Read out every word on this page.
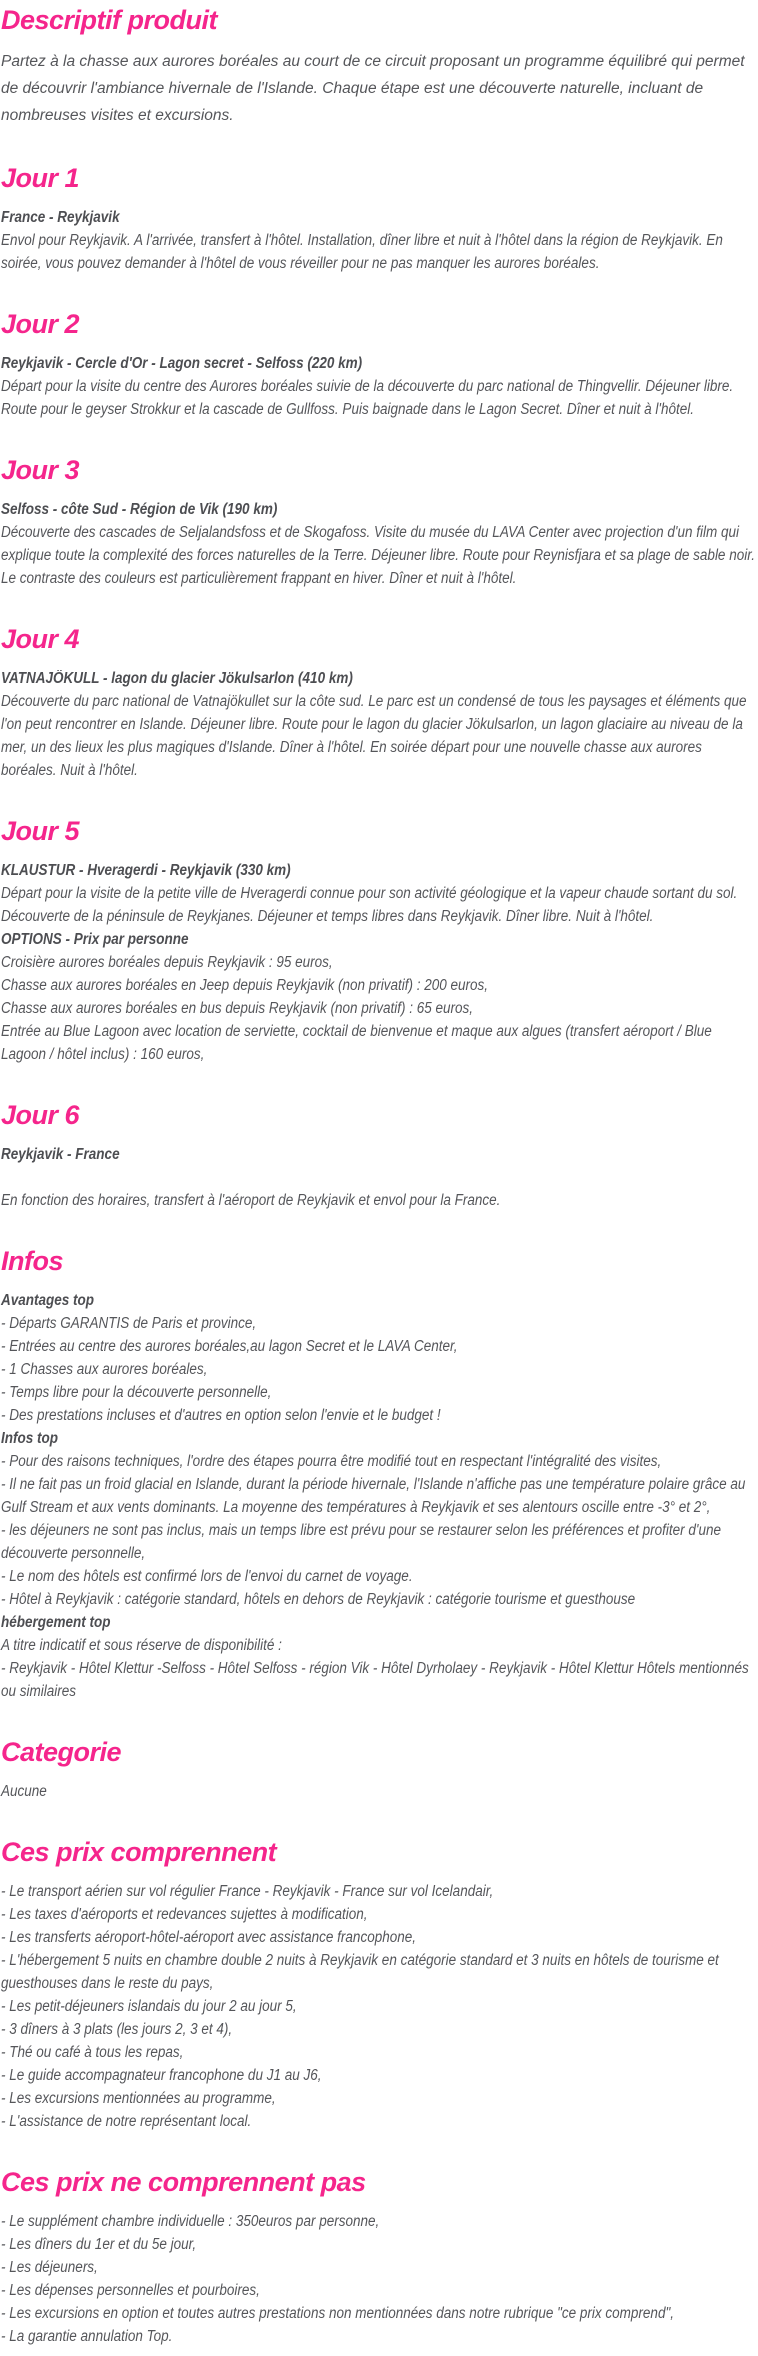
Descriptif produit

Partez à la chasse aux aurores boréales au court de ce circuit proposant un programme équilibré qui permet de découvrir l'ambiance hivernale de l'Islande. Chaque étape est une découverte naturelle, incluant de nombreuses visites et excursions.

Jour 1

France - Reykjavik

Envol pour Reykjavik. A l'arrivée, transfert à l'hôtel. Installation, dîner libre et nuit à l'hôtel dans la région de Reykjavik. En soirée, vous pouvez demander à l'hôtel de vous réveiller pour ne pas manquer les aurores boréales.

Jour 2

Reykjavik - Cercle d'Or - Lagon secret - Selfoss (220 km)

Départ pour la visite du centre des Aurores boréales suivie de la découverte du parc national de Thingvellir. Déjeuner libre. Route pour le geyser Strokkur et la cascade de Gullfoss. Puis baignade dans le Lagon Secret. Dîner et nuit à l'hôtel.

Jour 3

Selfoss - côte Sud - Région de Vik (190 km)

Découverte des cascades de Seljalandsfoss et de Skogafoss. Visite du musée du LAVA Center avec projection d'un film qui explique toute la complexité des forces naturelles de la Terre. Déjeuner libre. Route pour Reynisfjara et sa plage de sable noir. Le contraste des couleurs est particulièrement frappant en hiver. Dîner et nuit à l'hôtel.

Jour 4

VATNAJÖKULL - lagon du glacier Jökulsarlon (410 km)

Découverte du parc national de Vatnajökullet sur la côte sud. Le parc est un condensé de tous les paysages et éléments que l'on peut rencontrer en Islande. Déjeuner libre. Route pour le lagon du glacier Jökulsarlon, un lagon glaciaire au niveau de la mer, un des lieux les plus magiques d'Islande. Dîner à l'hôtel. En soirée départ pour une nouvelle chasse aux aurores boréales. Nuit à l'hôtel.

Jour 5

KLAUSTUR - Hveragerdi - Reykjavik (330 km)

Départ pour la visite de la petite ville de Hveragerdi connue pour son activité géologique et la vapeur chaude sortant du sol. Découverte de la péninsule de Reykjanes. Déjeuner et temps libres dans Reykjavik. Dîner libre. Nuit à l'hôtel.

OPTIONS - Prix par personne

Croisière aurores boréales depuis Reykjavik : 95 euros,
Chasse aux aurores boréales en Jeep depuis Reykjavik (non privatif) : 200 euros,
Chasse aux aurores boréales en bus depuis Reykjavik (non privatif) : 65 euros,
Entrée au Blue Lagoon avec location de serviette, cocktail de bienvenue et maque aux algues (transfert aéroport / Blue Lagoon / hôtel inclus) : 160 euros,
Jour 6

Reykjavik - France

En fonction des horaires, transfert à l'aéroport de Reykjavik et envol pour la France.

Infos

Avantages top

- Départs GARANTIS de Paris et province,
- Entrées au centre des aurores boréales,au lagon Secret et le LAVA Center,
- 1 Chasses aux aurores boréales,
- Temps libre pour la découverte personnelle,
- Des prestations incluses et d'autres en option selon l'envie et le budget !

Infos top

- Pour des raisons techniques, l'ordre des étapes pourra être modifié tout en respectant l'intégralité des visites,
- Il ne fait pas un froid glacial en Islande, durant la période hivernale, l'Islande n'affiche pas une température polaire grâce au Gulf Stream et aux vents dominants. La moyenne des températures à Reykjavik et ses alentours oscille entre -3° et 2°,
- les déjeuners ne sont pas inclus, mais un temps libre est prévu pour se restaurer selon les préférences et profiter d'une découverte personnelle,
- Le nom des hôtels est confirmé lors de l'envoi du carnet de voyage.
- Hôtel à Reykjavik : catégorie standard, hôtels en dehors de Reykjavik : catégorie tourisme et guesthouse

hébergement top

A titre indicatif et sous réserve de disponibilité :
- Reykjavik - Hôtel Klettur -Selfoss - Hôtel Selfoss - région Vik - Hôtel Dyrholaey - Reykjavik - Hôtel Klettur Hôtels mentionnés ou similaires
Categorie

Aucune

Ces prix comprennent
- Le transport aérien sur vol régulier France - Reykjavik - France sur vol Icelandair,
- Les taxes d'aéroports et redevances sujettes à modification,
- Les transferts aéroport-hôtel-aéroport avec assistance francophone,
- L'hébergement 5 nuits en chambre double 2 nuits à Reykjavik en catégorie standard et 3 nuits en hôtels de tourisme et guesthouses dans le reste du pays,
- Les petit-déjeuners islandais du jour 2 au jour 5,
- 3 dîners à 3 plats (les jours 2, 3 et 4),
- Thé ou café à tous les repas,
- Le guide accompagnateur francophone du J1 au J6,
- Les excursions mentionnées au programme,
- L'assistance de notre représentant local.
Ces prix ne comprennent pas
- Le supplément chambre individuelle : 350euros par personne,
- Les dîners du 1er et du 5e jour,
- Les déjeuners,
- Les dépenses personnelles et pourboires,
- Les excursions en option et toutes autres prestations non mentionnées dans notre rubrique "ce prix comprend",
- La garantie annulation Top.
